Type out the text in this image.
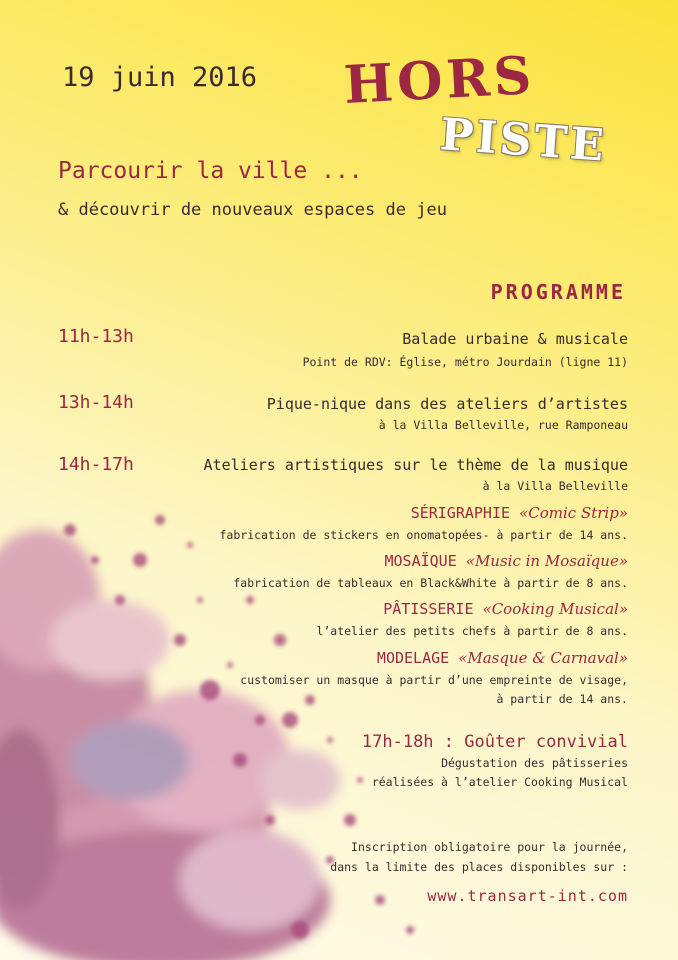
19 juin 2016 HORS
PISTE
Parcourir la ville ...
& découvrir de nouveaux espaces de jeu
PROGRAMME
11h-13h	Balade urbaine & musicale
Point de RDV: Église, métro Jourdain (ligne 11)
13h-14h	Pique-nique dans des ateliers d’artistes
à la Villa Belleville, rue Ramponeau
14h-17h	Ateliers artistiques sur le thème de la musique
à la Villa Belleville
SÉRIGRAPHIE «Comic Strip»
fabrication de stickers en onomatopées- à partir de 14 ans.
MOSAÏQUE «Music in Mosaïque»
fabrication de tableaux en Black&White à partir de 8 ans.
PÂTISSERIE «Cooking Musical»
l’atelier des petits chefs à partir de 8 ans.
MODELAGE «Masque & Carnaval»
customiser un masque à partir d’une empreinte de visage,
à partir de 14 ans.
17h-18h : Goûter convivial
Dégustation des pâtisseries
réalisées à l’atelier Cooking Musical
Inscription obligatoire pour la journée,
dans la limite des places disponibles sur :
www.transart-int.com
